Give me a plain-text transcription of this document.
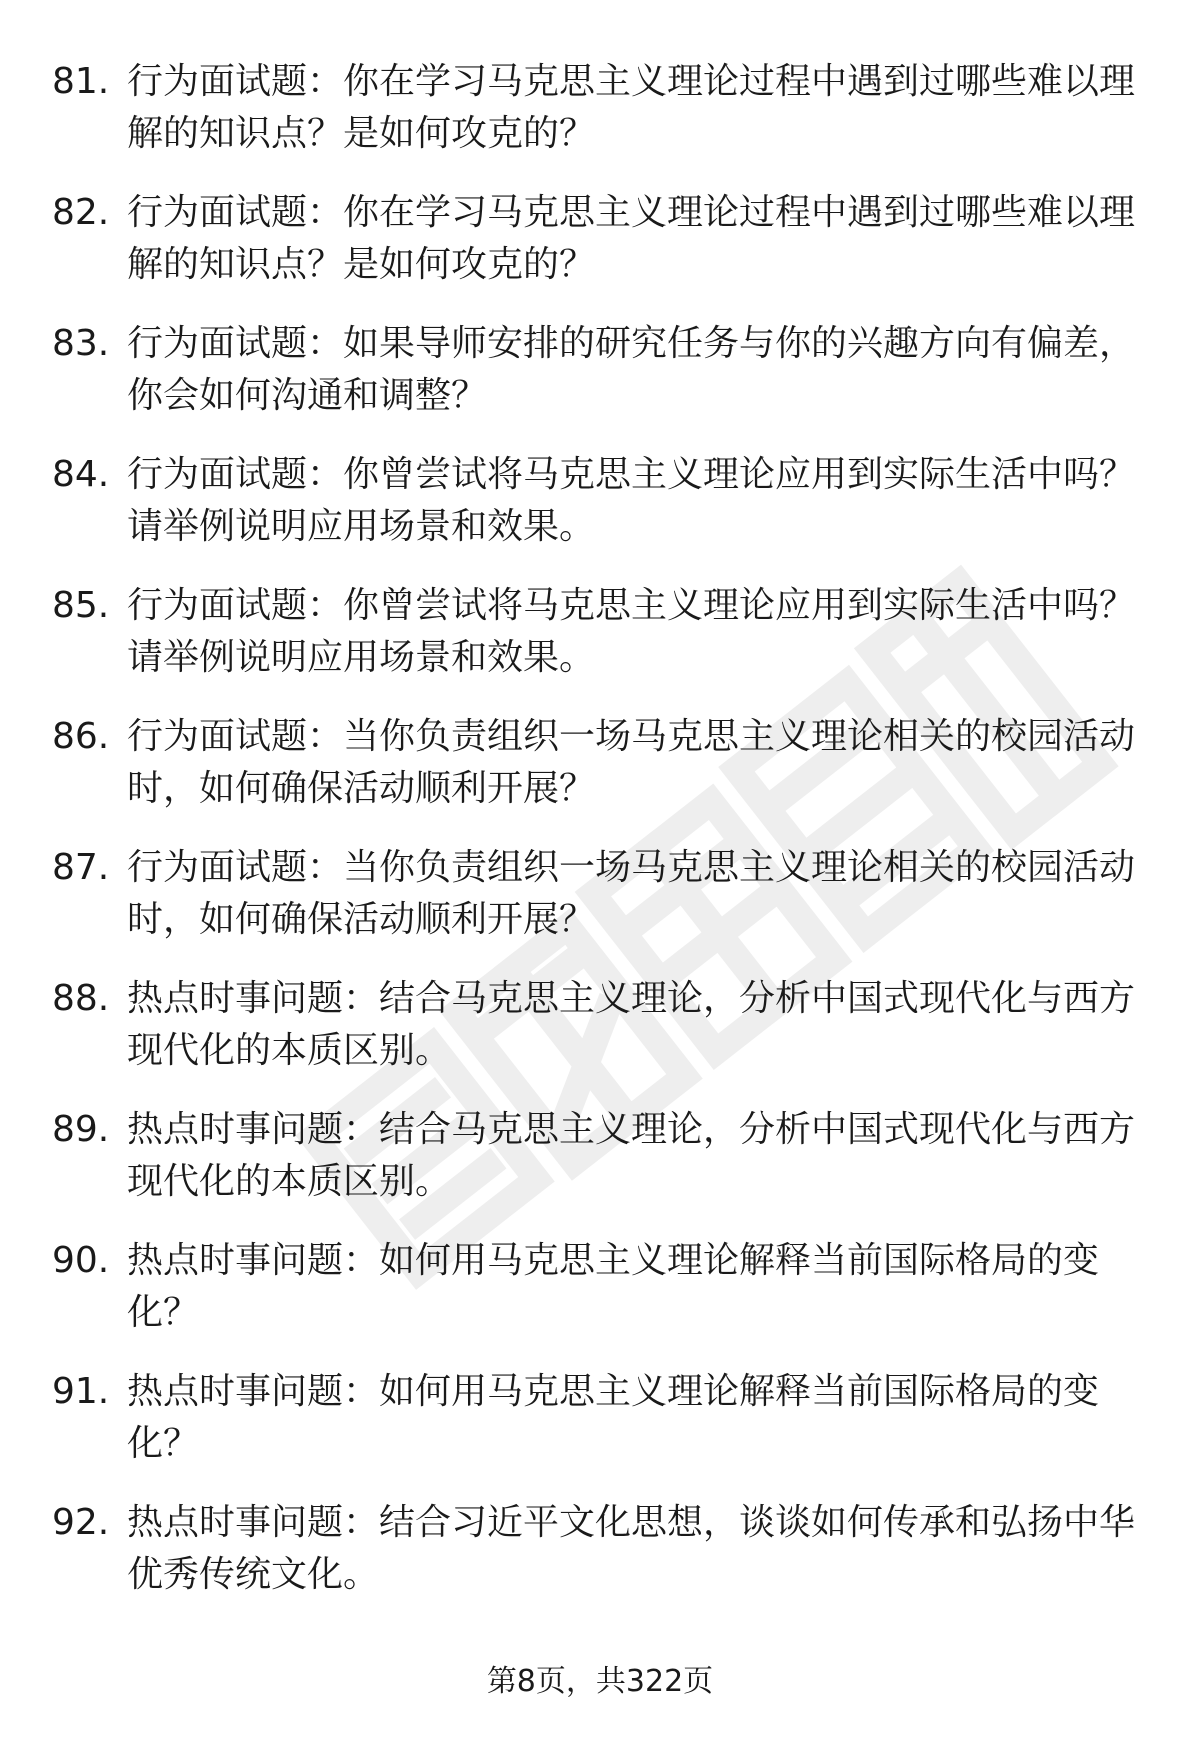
81. 行为面试题：你在学习马克思主义理论过程中遇到过哪些难以理解的知识点？是如何攻克的？
82. 行为面试题：你在学习马克思主义理论过程中遇到过哪些难以理解的知识点？是如何攻克的？
83. 行为面试题：如果导师安排的研究任务与你的兴趣方向有偏差，你会如何沟通和调整？
84. 行为面试题：你曾尝试将马克思主义理论应用到实际生活中吗？请举例说明应用场景和效果。
85. 行为面试题：你曾尝试将马克思主义理论应用到实际生活中吗？请举例说明应用场景和效果。
86. 行为面试题：当你负责组织一场马克思主义理论相关的校园活动时，如何确保活动顺利开展？
87. 行为面试题：当你负责组织一场马克思主义理论相关的校园活动时，如何确保活动顺利开展？
88. 热点时事问题：结合马克思主义理论，分析中国式现代化与西方现代化的本质区别。
89. 热点时事问题：结合马克思主义理论，分析中国式现代化与西方现代化的本质区别。
90. 热点时事问题：如何用马克思主义理论解释当前国际格局的变化？
91. 热点时事问题：如何用马克思主义理论解释当前国际格局的变化？
92. 热点时事问题：结合习近平文化思想，谈谈如何传承和弘扬中华优秀传统文化。
第8页，共322页
